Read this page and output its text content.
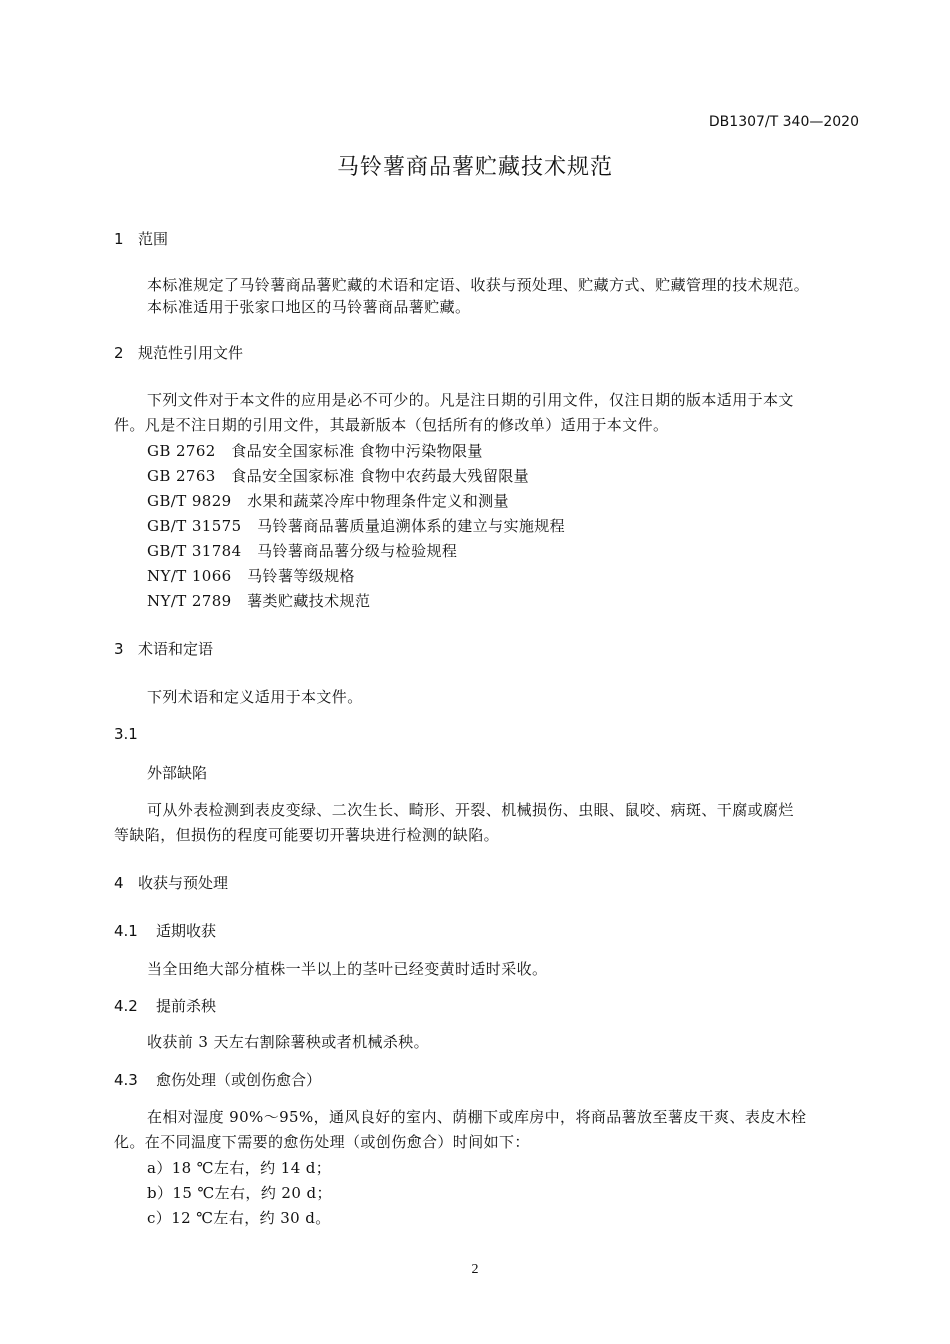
DB1307/T 340—2020
马铃薯商品薯贮藏技术规范
1 范围
本标准规定了马铃薯商品薯贮藏的术语和定语、收获与预处理、贮藏方式、贮藏管理的技术规范。
本标准适用于张家口地区的马铃薯商品薯贮藏。
2 规范性引用文件
下列文件对于本文件的应用是必不可少的。凡是注日期的引用文件，仅注日期的版本适用于本文
件。凡是不注日期的引用文件，其最新版本（包括所有的修改单）适用于本文件。
GB 2762 食品安全国家标准 食物中污染物限量
GB 2763 食品安全国家标准 食物中农药最大残留限量
GB/T 9829 水果和蔬菜冷库中物理条件定义和测量
GB/T 31575 马铃薯商品薯质量追溯体系的建立与实施规程
GB/T 31784 马铃薯商品薯分级与检验规程
NY/T 1066 马铃薯等级规格
NY/T 2789 薯类贮藏技术规范
3 术语和定语
下列术语和定义适用于本文件。
3.1
外部缺陷
可从外表检测到表皮变绿、二次生长、畸形、开裂、机械损伤、虫眼、鼠咬、病斑、干腐或腐烂
等缺陷，但损伤的程度可能要切开薯块进行检测的缺陷。
4 收获与预处理
4.1 适期收获
当全田绝大部分植株一半以上的茎叶已经变黄时适时采收。
4.2 提前杀秧
收获前 3 天左右割除薯秧或者机械杀秧。
4.3 愈伤处理（或创伤愈合）
在相对湿度 90%～95%，通风良好的室内、荫棚下或库房中，将商品薯放至薯皮干爽、表皮木栓
化。在不同温度下需要的愈伤处理（或创伤愈合）时间如下：
a）18 ℃左右，约 14 d；
b）15 ℃左右，约 20 d；
c）12 ℃左右，约 30 d。
2
